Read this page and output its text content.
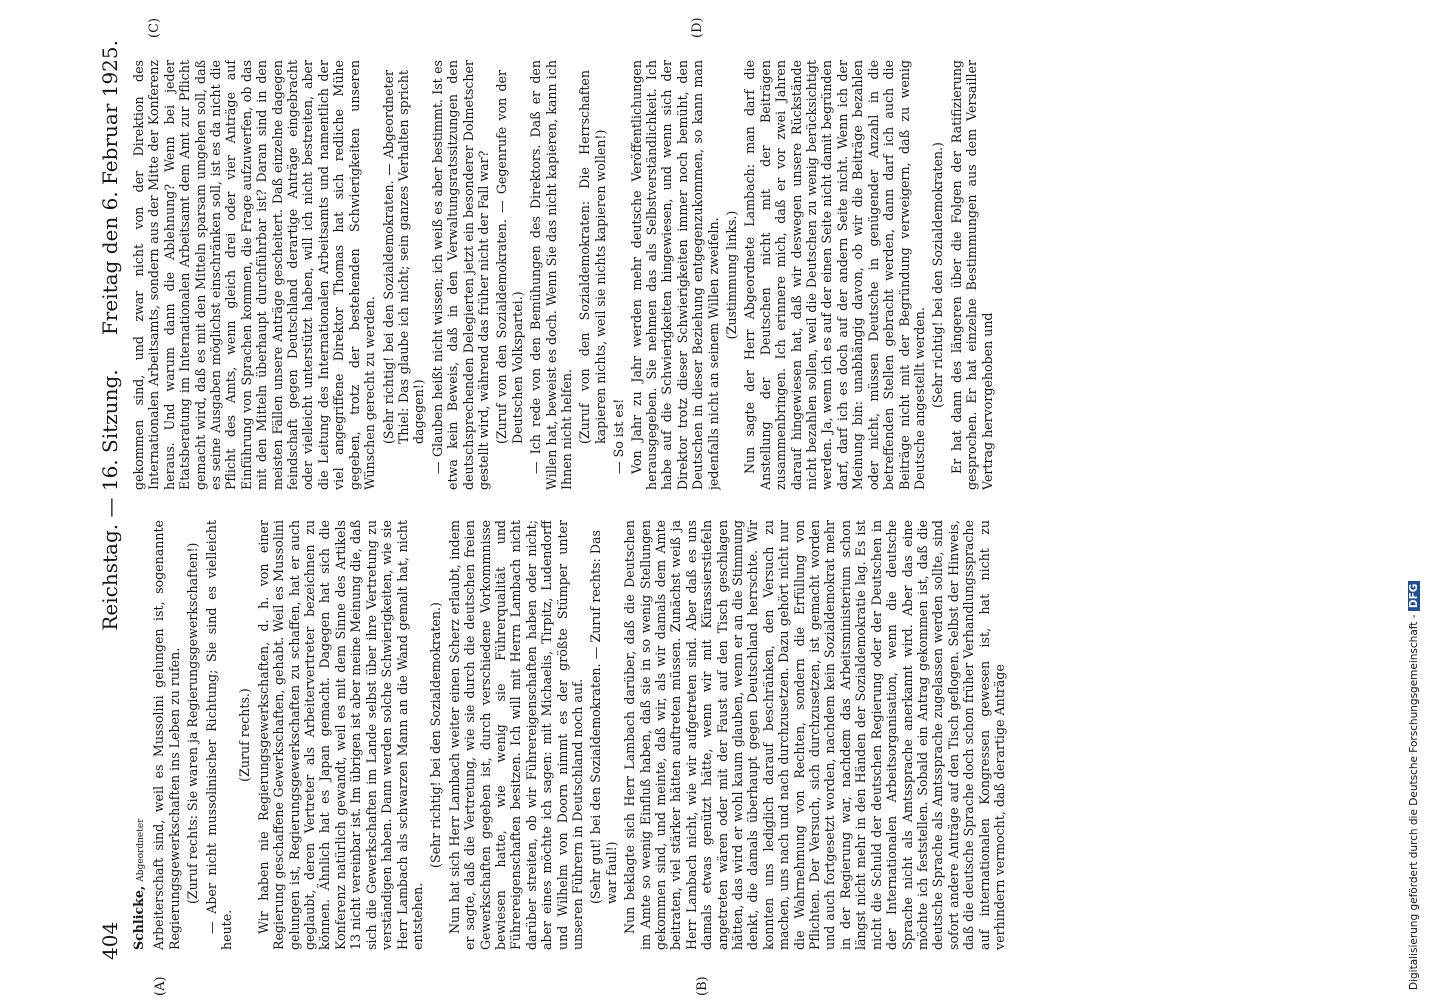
404
Reichstag. — 16. Sitzung.
Freitag den 6. Februar 1925.
(A)	(B)
(C)	(D)

Schlicke, Abgeordneter Arbeiterschaft sind, weil es Mussolini gelungen ist, sogenannte Regierungsgewerkschaften ins Leben zu rufen. (Zuruf rechts: Sie waren ja Regierungsgewerkschaften!) — Aber nicht mussolinischer Richtung; Sie sind es vielleicht heute.

(Zuruf rechts.) Wir haben nie Regierungsgewerkschaften, d. h. von einer Regierung geschaffene Gewerkschaften, gehabt. Weil es Mussolini gelungen ist, Regierungsgewerkschaften zu schaffen, hat er auch geglaubt, deren Vertreter als Arbeitervertreter bezeichnen zu können. Ähnlich hat es Japan gemacht. Dagegen hat sich die Konferenz natürlich gewandt, weil es mit dem Sinne des Artikels 13 nicht vereinbar ist. Im übrigen ist aber meine Meinung die, daß sich die Gewerkschaften im Lande selbst über ihre Vertretung zu verständigen haben. Dann werden solche Schwierigkeiten, wie sie Herr Lambach als schwarzen Mann an die Wand gemalt hat, nicht entstehen.

(Sehr richtig! bei den Sozialdemokraten.) Nun hat sich Herr Lambach weiter einen Scherz erlaubt, indem er sagte, daß die Vertretung, wie sie durch die deutschen freien Gewerkschaften gegeben ist, durch verschiedene Vorkommnisse bewiesen hatte, wie wenig sie Führerqualität und Führereigenschaften besitzen. Ich will mit Herrn Lambach nicht darüber streiten, ob wir Führereigenschaften haben oder nicht; aber eines möchte ich sagen: mit Michaelis, Tirpitz, Ludendorff und Wilhelm von Doorn nimmt es der größte Stümper unter unseren Führern in Deutschland noch auf. (Sehr gut! bei den Sozialdemokraten. — Zuruf rechts: Das war faul!) Nun beklagte sich Herr Lambach darüber, daß die Deutschen im Amte so wenig Einfluß haben, daß sie in so wenig Stellungen gekommen sind, und meinte, daß wir, als wir damals dem Amte beitraten, viel stärker hätten auftreten müssen. Zunächst weiß ja Herr Lambach nicht, wie wir aufgetreten sind. Aber daß es uns damals etwas genützt hätte, wenn wir mit Kürassierstiefeln angetreten wären oder mit der Faust auf den Tisch geschlagen hätten, das wird er wohl kaum glauben, wenn er an die Stimmung denkt, die damals überhaupt gegen Deutschland herrschte. Wir konnten uns lediglich darauf beschränken, den Versuch zu machen, uns nach und nach durchzusetzen. Dazu gehört nicht nur die Wahrnehmung von Rechten, sondern die Erfüllung von Pflichten. Der Versuch, sich durchzusetzen, ist gemacht worden und auch fortgesetzt worden, nachdem kein Sozialdemokrat mehr in der Regierung war, nachdem das Arbeitsministerium schon längst nicht mehr in den Händen der Sozialdemokratie lag. Es ist nicht die Schuld der deutschen Regierung oder der Deutschen in der Internationalen Arbeitsorganisation, wenn die deutsche Sprache nicht als Amtssprache anerkannt wird. Aber das eine möchte ich feststellen. Sobald ein Antrag gekommen ist, daß die deutsche Sprache als Amtssprache zugelassen werden sollte, sind sofort andere Anträge auf den Tisch geflogen. Selbst der Hinweis, daß die deutsche Sprache doch schon früher Verhandlungssprache auf internationalen Kongressen gewesen ist, hat nicht zu verhindern vermocht, daß derartige Anträge

gekommen sind, und zwar nicht von der Direktion des Internationalen Arbeitsamts, sondern aus der Mitte der Konferenz heraus. Und warum dann die Ablehnung? Wenn bei jeder Etatsberatung im Internationalen Arbeitsamt dem Amt zur Pflicht gemacht wird, daß es mit den Mitteln sparsam umgehen soll, daß es seine Ausgaben möglichst einschränken soll, ist es da nicht die Pflicht des Amts, wenn gleich drei oder vier Anträge auf Einführung von Sprachen kommen, die Frage aufzuwerfen, ob das mit den Mitteln überhaupt durchführbar ist? Daran sind in den meisten Fällen unsere Anträge gescheitert. Daß einzelne dagegen feindschaft gegen Deutschland derartige Anträge eingebracht oder vielleicht unterstützt haben, will ich nicht bestreiten, aber die Leitung des Internationalen Arbeitsamts und namentlich der viel angegriffene Direktor Thomas hat sich redliche Mühe gegeben, trotz der bestehenden Schwierigkeiten unseren Wünschen gerecht zu werden. (Sehr richtig! bei den Sozialdemokraten. — Abgeordneter Thiel: Das glaube ich nicht; sein ganzes Verhalten spricht dagegen!) — Glauben heißt nicht wissen; ich weiß es aber bestimmt. Ist es etwa kein Beweis, daß in den Verwaltungsratssitzungen den deutschsprechenden Delegierten jetzt ein besonderer Dolmetscher gestellt wird, während das früher nicht der Fall war? (Zuruf von den Sozialdemokraten. — Gegenrufe von der Deutschen Volkspartei.) — Ich rede von den Bemühungen des Direktors. Daß er den Willen hat, beweist es doch. Wenn Sie das nicht kapieren, kann ich Ihnen nicht helfen. (Zuruf von den Sozialdemokraten: Die Herrschaften kapieren nichts, weil sie nichts kapieren wollen!) — So ist es! Von Jahr zu Jahr werden mehr deutsche Veröffentlichungen herausgegeben. Sie nehmen das als Selbstverständlichkeit. Ich habe auf die Schwierigkeiten hingewiesen, und wenn sich der Direktor trotz dieser Schwierigkeiten immer noch bemüht, den Deutschen in dieser Beziehung entgegenzukommen, so kann man jedenfalls nicht an seinem Willen zweifeln. (Zustimmung links.) Nun sagte der Herr Abgeordnete Lambach: man darf die Anstellung der Deutschen nicht mit der Beiträgen zusammenbringen. Ich erinnere mich, daß er vor zwei Jahren darauf hingewiesen hat, daß wir deswegen unsere Rückstände nicht bezahlen sollen, weil die Deutschen zu wenig berücksichtigt werden. Ja, wenn ich es auf der einen Seite nicht damit begründen darf, darf ich es doch auf der andern Seite nicht. Wenn ich der Meinung bin: unabhängig davon, ob wir die Beiträge bezahlen oder nicht, müssen Deutsche in genügender Anzahl in die betreffenden Stellen gebracht werden, dann darf ich auch die Beiträge nicht mit der Begründung verweigern, daß zu wenig Deutsche angestellt werden. (Sehr richtig! bei den Sozialdemokraten.) Er hat dann des längeren über die Folgen der Ratifizierung gesprochen. Er hat einzelne Bestimmungen aus dem Versailler Vertrag hervorgehoben und

Digitalisierung gefördert durch die Deutsche Forschungsgemeinschaft - DFG
